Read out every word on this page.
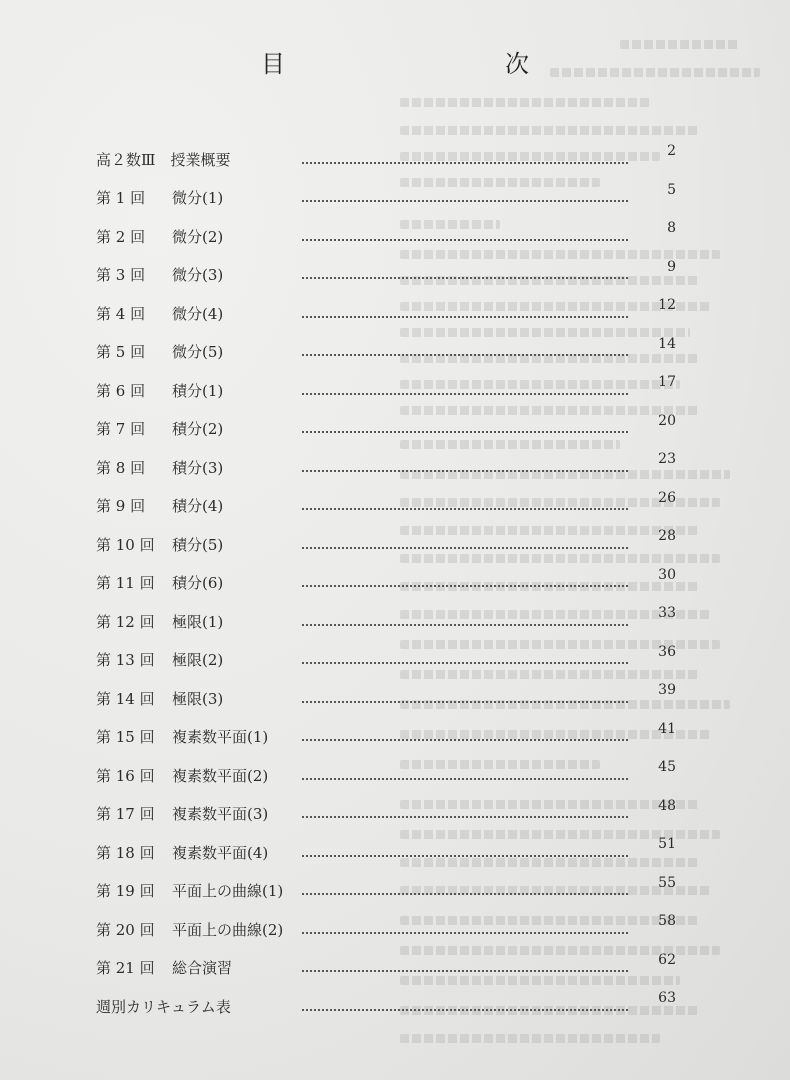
目　次
高２数Ⅲ　授業概要	2
第 1 回	微分(1)	5
第 2 回	微分(2)	8
第 3 回	微分(3)	9
第 4 回	微分(4)	12
第 5 回	微分(5)	14
第 6 回	積分(1)	17
第 7 回	積分(2)	20
第 8 回	積分(3)	23
第 9 回	積分(4)	26
第 10 回	積分(5)	28
第 11 回	積分(6)	30
第 12 回	極限(1)	33
第 13 回	極限(2)	36
第 14 回	極限(3)	39
第 15 回	複素数平面(1)	41
第 16 回	複素数平面(2)	45
第 17 回	複素数平面(3)	48
第 18 回	複素数平面(4)	51
第 19 回	平面上の曲線(1)	55
第 20 回	平面上の曲線(2)	58
第 21 回	総合演習	62
週別カリキュラム表	63
